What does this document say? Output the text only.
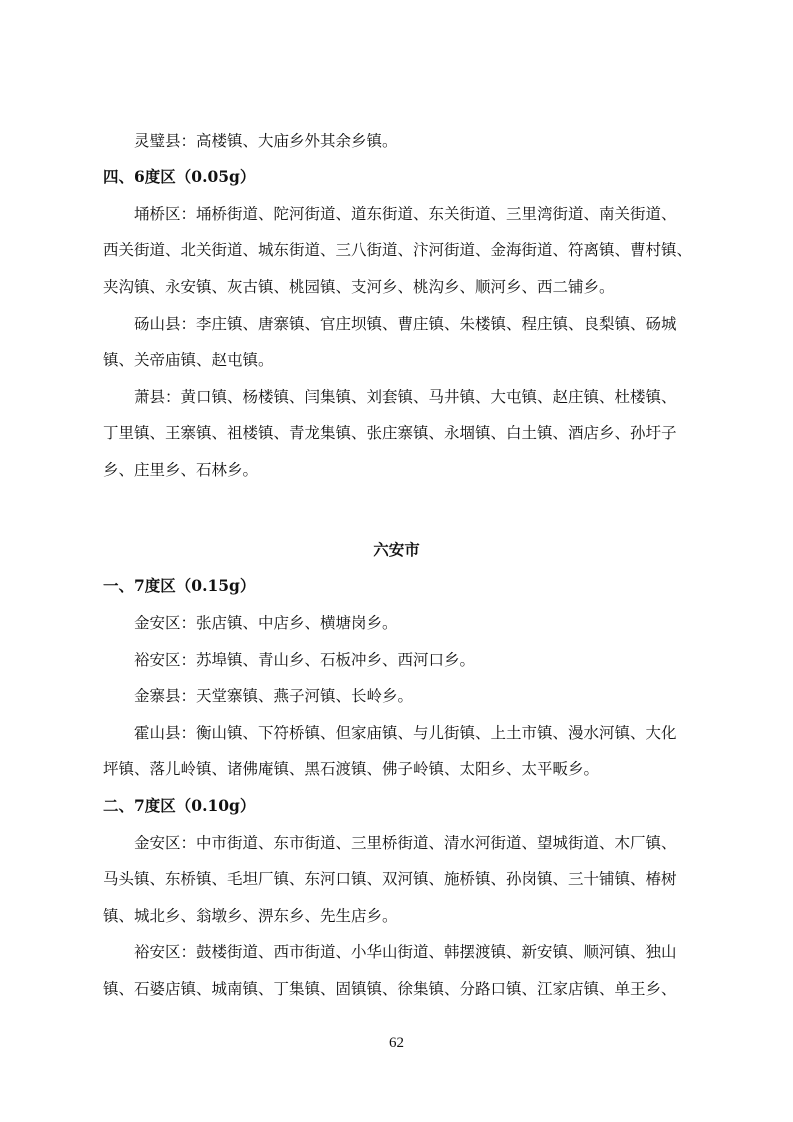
灵璧县：高楼镇、大庙乡外其余乡镇。
四、6度区（0.05g）
埇桥区：埇桥街道、陀河街道、道东街道、东关街道、三里湾街道、南关街道、
西关街道、北关街道、城东街道、三八街道、汴河街道、金海街道、符离镇、曹村镇、
夹沟镇、永安镇、灰古镇、桃园镇、支河乡、桃沟乡、顺河乡、西二铺乡。
砀山县：李庄镇、唐寨镇、官庄坝镇、曹庄镇、朱楼镇、程庄镇、良梨镇、砀城
镇、关帝庙镇、赵屯镇。
萧县：黄口镇、杨楼镇、闫集镇、刘套镇、马井镇、大屯镇、赵庄镇、杜楼镇、
丁里镇、王寨镇、祖楼镇、青龙集镇、张庄寨镇、永堌镇、白土镇、酒店乡、孙圩子
乡、庄里乡、石林乡。
六安市
一、7度区（0.15g）
金安区：张店镇、中店乡、横塘岗乡。
裕安区：苏埠镇、青山乡、石板冲乡、西河口乡。
金寨县：天堂寨镇、燕子河镇、长岭乡。
霍山县：衡山镇、下符桥镇、但家庙镇、与儿街镇、上土市镇、漫水河镇、大化
坪镇、落儿岭镇、诸佛庵镇、黑石渡镇、佛子岭镇、太阳乡、太平畈乡。
二、7度区（0.10g）
金安区：中市街道、东市街道、三里桥街道、清水河街道、望城街道、木厂镇、
马头镇、东桥镇、毛坦厂镇、东河口镇、双河镇、施桥镇、孙岗镇、三十铺镇、椿树
镇、城北乡、翁墩乡、淠东乡、先生店乡。
裕安区：鼓楼街道、西市街道、小华山街道、韩摆渡镇、新安镇、顺河镇、独山
镇、石婆店镇、城南镇、丁集镇、固镇镇、徐集镇、分路口镇、江家店镇、单王乡、
62
